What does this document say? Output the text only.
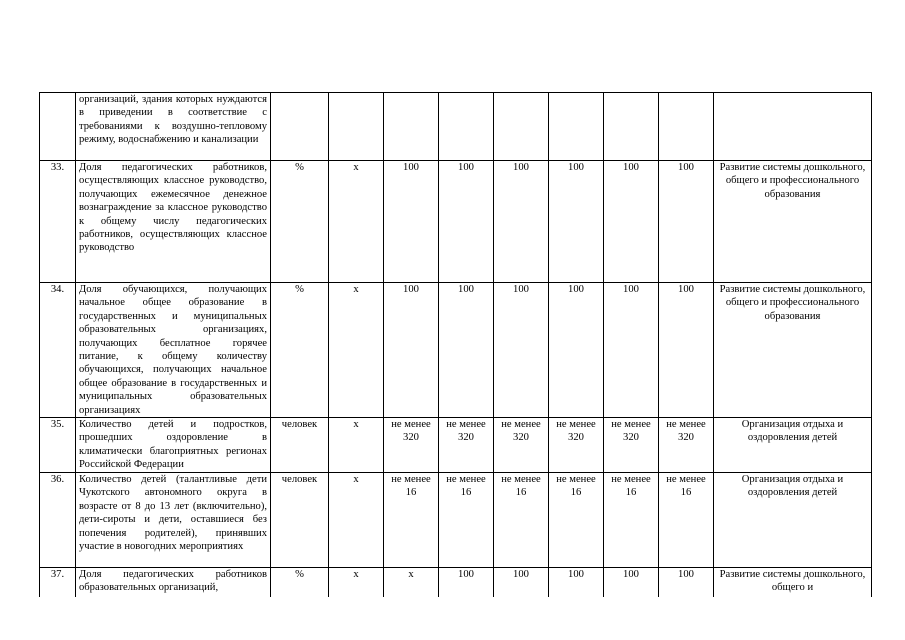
	организаций, здания которых нуждаются в приведении в соответствие с требованиями к воздушно-тепловому режиму, водоснабжению и канализации									
33.	Доля педагогических работников, осуществляющих классное руководство, получающих ежемесячное денежное вознаграждение за классное руководство к общему числу педагогических работников, осуществляющих классное руководство	%	х	100	100	100	100	100	100	Развитие системы дошкольного, общего и профессионального образования
34.	Доля обучающихся, получающих начальное общее образование в государственных и муниципальных образовательных организациях, получающих бесплатное горячее питание, к общему количеству обучающихся, получающих начальное общее образование в государственных и муниципальных образовательных организациях	%	х	100	100	100	100	100	100	Развитие системы дошкольного, общего и профессионального образования
35.	Количество детей и подростков, прошедших оздоровление в климатически благоприятных регионах Российской Федерации	человек	х	не менее 320	не менее 320	не менее 320	не менее 320	не менее 320	не менее 320	Организация отдыха и оздоровления детей
36.	Количество детей (талантливые дети Чукотского автономного округа в возрасте от 8 до 13 лет (включительно), дети-сироты и дети, оставшиеся без попечения родителей), принявших участие в новогодних мероприятиях	человек	х	не менее 16	не менее 16	не менее 16	не менее 16	не менее 16	не менее 16	Организация отдыха и оздоровления детей
37.	Доля педагогических работников образовательных организаций,	%	х	х	100	100	100	100	100	Развитие системы дошкольного, общего и
